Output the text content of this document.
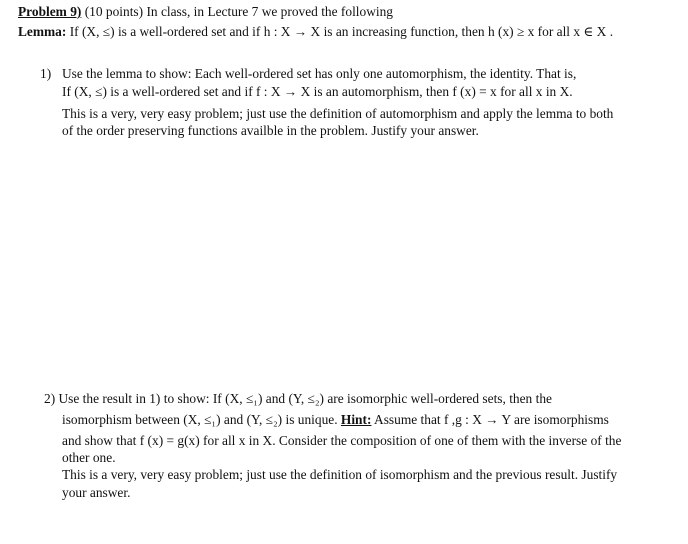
Problem 9) (10 points) In class, in Lecture 7 we proved the following
Lemma: If (X, ≤) is a well-ordered set and if h : X → X is an increasing function, then h (x) ≥ x for all x ∈ X .
1) Use the lemma to show: Each well-ordered set has only one automorphism, the identity. That is,
If (X, ≤) is a well-ordered set and if f : X → X is an automorphism, then f (x) = x for all x in X.
This is a very, very easy problem; just use the definition of automorphism and apply the lemma to both
of the order preserving functions availble in the problem. Justify your answer.
2) Use the result in 1) to show: If (X, ≤₁) and (Y, ≤₂) are isomorphic well-ordered sets, then the
isomorphism between (X, ≤₁) and (Y, ≤₂) is unique. Hint: Assume that f ,g : X → Y are isomorphisms
and show that f (x) = g(x) for all x in X. Consider the composition of one of them with the inverse of the
other one.
This is a very, very easy problem; just use the definition of isomorphism and the previous result. Justify
your answer.
